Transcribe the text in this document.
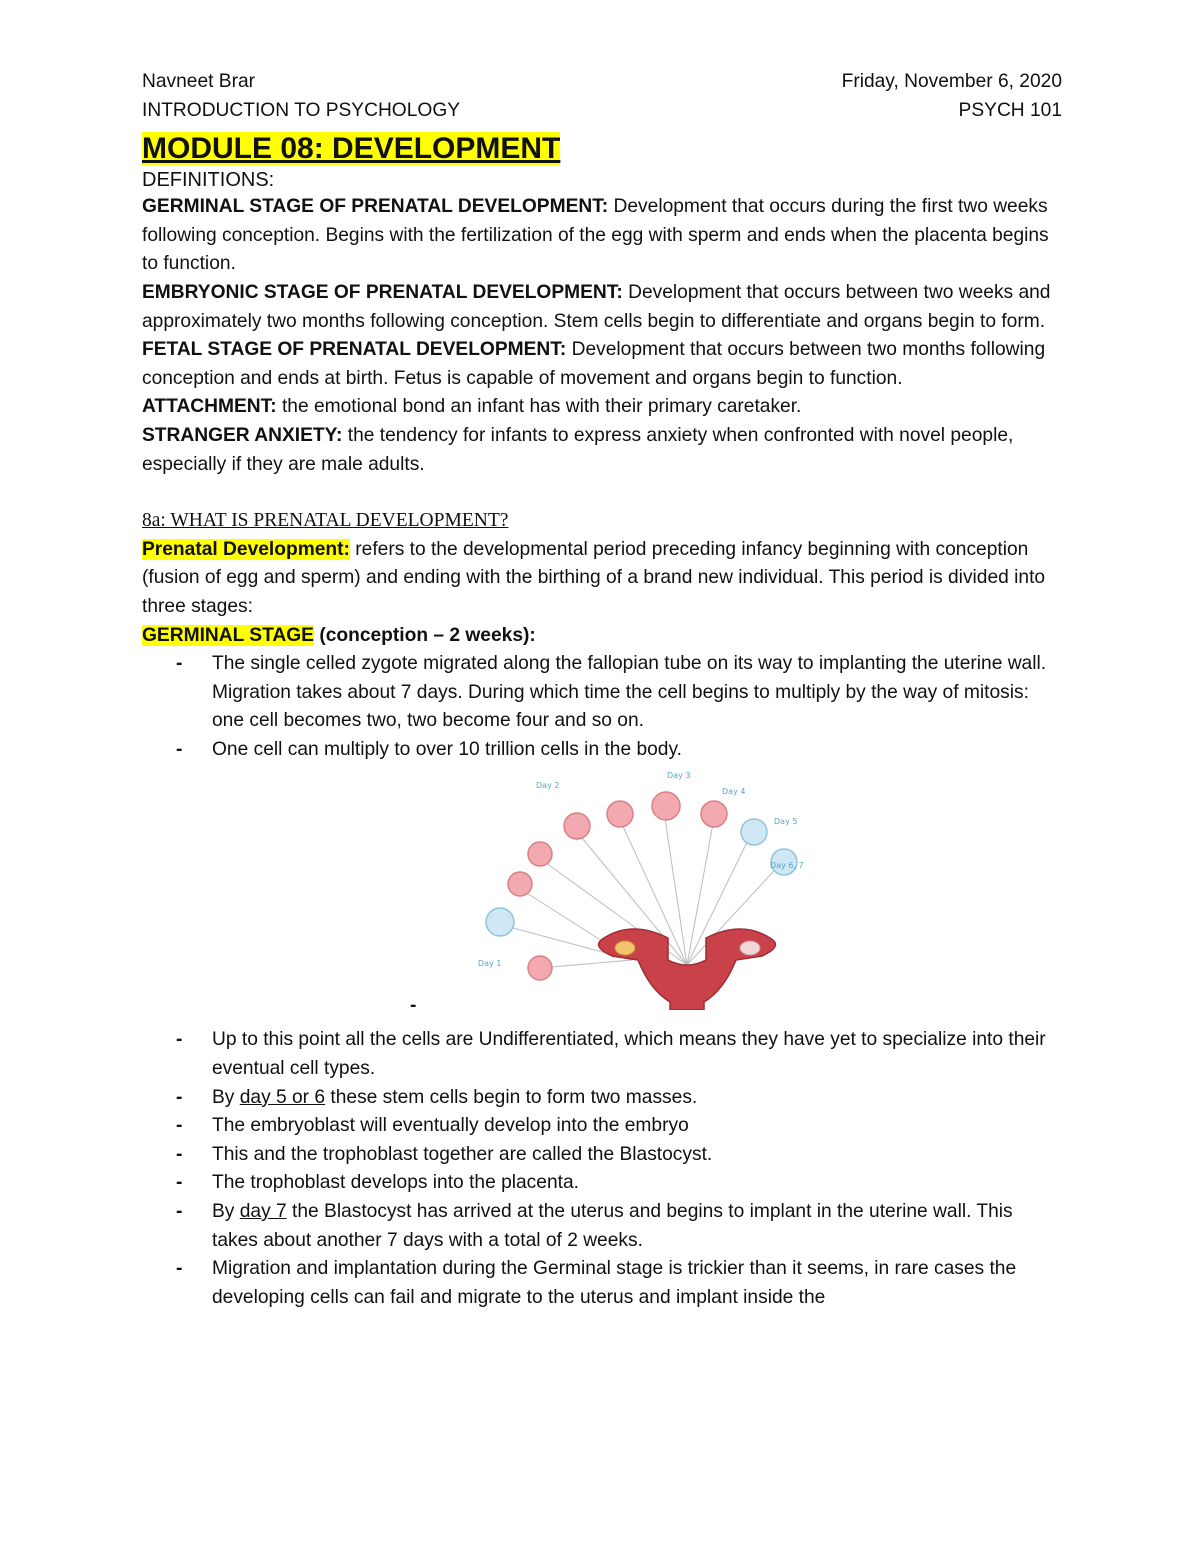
Navneet Brar	Friday, November 6, 2020
INTRODUCTION TO PSYCHOLOGY	PSYCH 101
MODULE 08: DEVELOPMENT
DEFINITIONS:
GERMINAL STAGE OF PRENATAL DEVELOPMENT: Development that occurs during the first two weeks following conception. Begins with the fertilization of the egg with sperm and ends when the placenta begins to function.
EMBRYONIC STAGE OF PRENATAL DEVELOPMENT: Development that occurs between two weeks and approximately two months following conception. Stem cells begin to differentiate and organs begin to form.
FETAL STAGE OF PRENATAL DEVELOPMENT: Development that occurs between two months following conception and ends at birth. Fetus is capable of movement and organs begin to function.
ATTACHMENT: the emotional bond an infant has with their primary caretaker.
STRANGER ANXIETY: the tendency for infants to express anxiety when confronted with novel people, especially if they are male adults.
8a: WHAT IS PRENATAL DEVELOPMENT?
Prenatal Development: refers to the developmental period preceding infancy beginning with conception (fusion of egg and sperm) and ending with the birthing of a brand new individual. This period is divided into three stages:
GERMINAL STAGE (conception – 2 weeks):
- The single celled zygote migrated along the fallopian tube on its way to implanting the uterine wall. Migration takes about 7 days. During which time the cell begins to multiply by the way of mitosis: one cell becomes two, two become four and so on.
- One cell can multiply to over 10 trillion cells in the body.
Day 2
Day 3
Day 4
Day 5
Day 6, 7
Day 1
-
- Up to this point all the cells are Undifferentiated, which means they have yet to specialize into their eventual cell types.
- By day 5 or 6 these stem cells begin to form two masses.
- The embryoblast will eventually develop into the embryo
- This and the trophoblast together are called the Blastocyst.
- The trophoblast develops into the placenta.
- By day 7 the Blastocyst has arrived at the uterus and begins to implant in the uterine wall. This takes about another 7 days with a total of 2 weeks.
- Migration and implantation during the Germinal stage is trickier than it seems, in rare cases the developing cells can fail and migrate to the uterus and implant inside the
